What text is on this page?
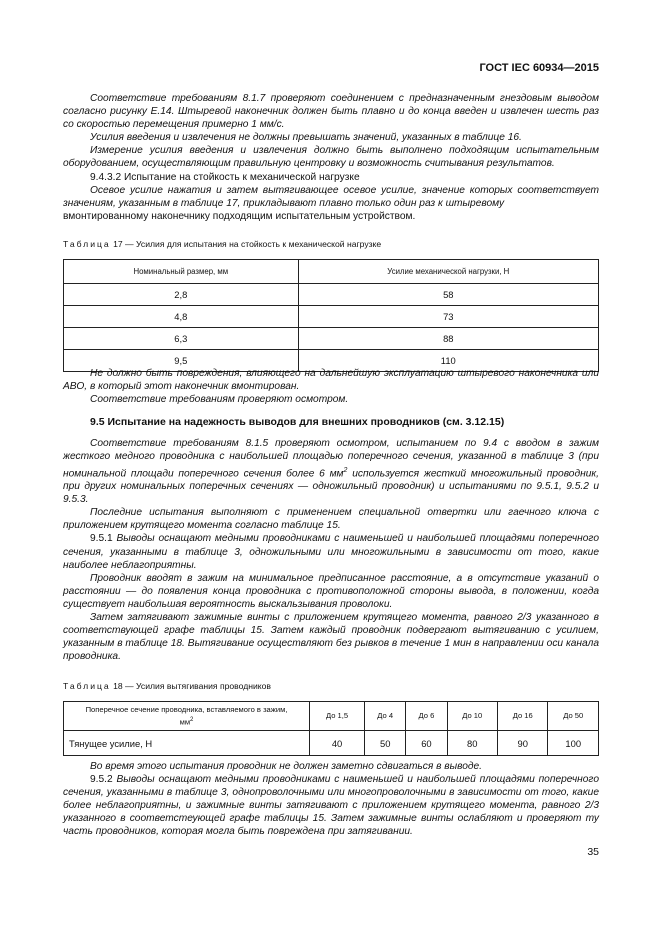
ГОСТ IEC 60934—2015

Соответствие требованиям 8.1.7 проверяют соединением с предназначенным гнездовым выводом согласно рисунку Е.14. Штыревой наконечник должен быть плавно и до конца введен и извлечен шесть раз со скоростью перемещения примерно 1 мм/с.

Усилия введения и извлечения не должны превышать значений, указанных в таблице 16.

Измерение усилия введения и извлечения должно быть выполнено подходящим испытательным оборудованием, осуществляющим правильную центровку и возможность считывания результатов.

9.4.3.2 Испытание на стойкость к механической нагрузке

Осевое усилие нажатия и затем вытягивающее осевое усилие, значение которых соответствует значениям, указанным в таблице 17, прикладывают плавно только один раз к штыревому

вмонтированному наконечнику подходящим испытательным устройством.

Таблица 17 — Усилия для испытания на стойкость к механической нагрузке
Номинальный размер, мм	Усилие механической нагрузки, Н
2,8	58
4,8	73
6,3	88
9,5	110

Не должно быть повреждения, влияющего на дальнейшую эксплуатацию штыревого наконечника или АВО, в который этот наконечник вмонтирован.

Соответствие требованиям проверяют осмотром.

9.5 Испытание на надежность выводов для внешних проводников (см. 3.12.15)

Соответствие требованиям 8.1.5 проверяют осмотром, испытанием по 9.4 с вводом в зажим жесткого медного проводника с наибольшей площадью поперечного сечения, указанной в таблице 3 (при номинальной площади поперечного сечения более 6 $мм^2$ используется жесткий многожильный проводник, при других номинальных поперечных сечениях — одножильный проводник) и испытаниями по 9.5.1, 9.5.2 и 9.5.3.

Последние испытания выполняют с применением специальной отвертки или гаечного ключа с приложением крутящего момента согласно таблице 15.

9.5.1 Выводы оснащают медными проводниками с наименьшей и наибольшей площадями поперечного сечения, указанными в таблице 3, одножильными или многожильными в зависимости от того, какие наиболее неблагоприятны.

Проводник вводят в зажим на минимальное предписанное расстояние, а в отсутствие указаний о расстоянии — до появления конца проводника с противоположной стороны вывода, в положении, когда существует наибольшая вероятность выскальзывания проволоки.

Затем затягивают зажимные винты с приложением крутящего момента, равного 2/3 указанного в соответствующей графе таблицы 15. Затем каждый проводник подвергают вытягиванию с усилием, указанным в таблице 18. Вытягивание осуществляют без рывков в течение 1 мин в направлении оси канала проводника.

Таблица 18 — Усилия вытягивания проводников
Поперечное сечение проводника, вставляемого в зажим, $мм^2$	До 1,5	До 4	До 6	До 10	До 16	До 50
Тянущее усилие, Н	40	50	60	80	90	100

Во время этого испытания проводник не должен заметно сдвигаться в выводе.

9.5.2 Выводы оснащают медными проводниками с наименьшей и наибольшей площадями поперечного сечения, указанными в таблице 3, однопроволочными или многопроволочными в зависимости от того, какие более неблагоприятны, и зажимные винты затягивают с приложением крутящего момента, равного 2/3 указанного в соответстеующей графе таблицы 15. Затем зажимные винты ослабляют и проверяют ту часть проводников, которая могла быть повреждена при затягивании.

35
